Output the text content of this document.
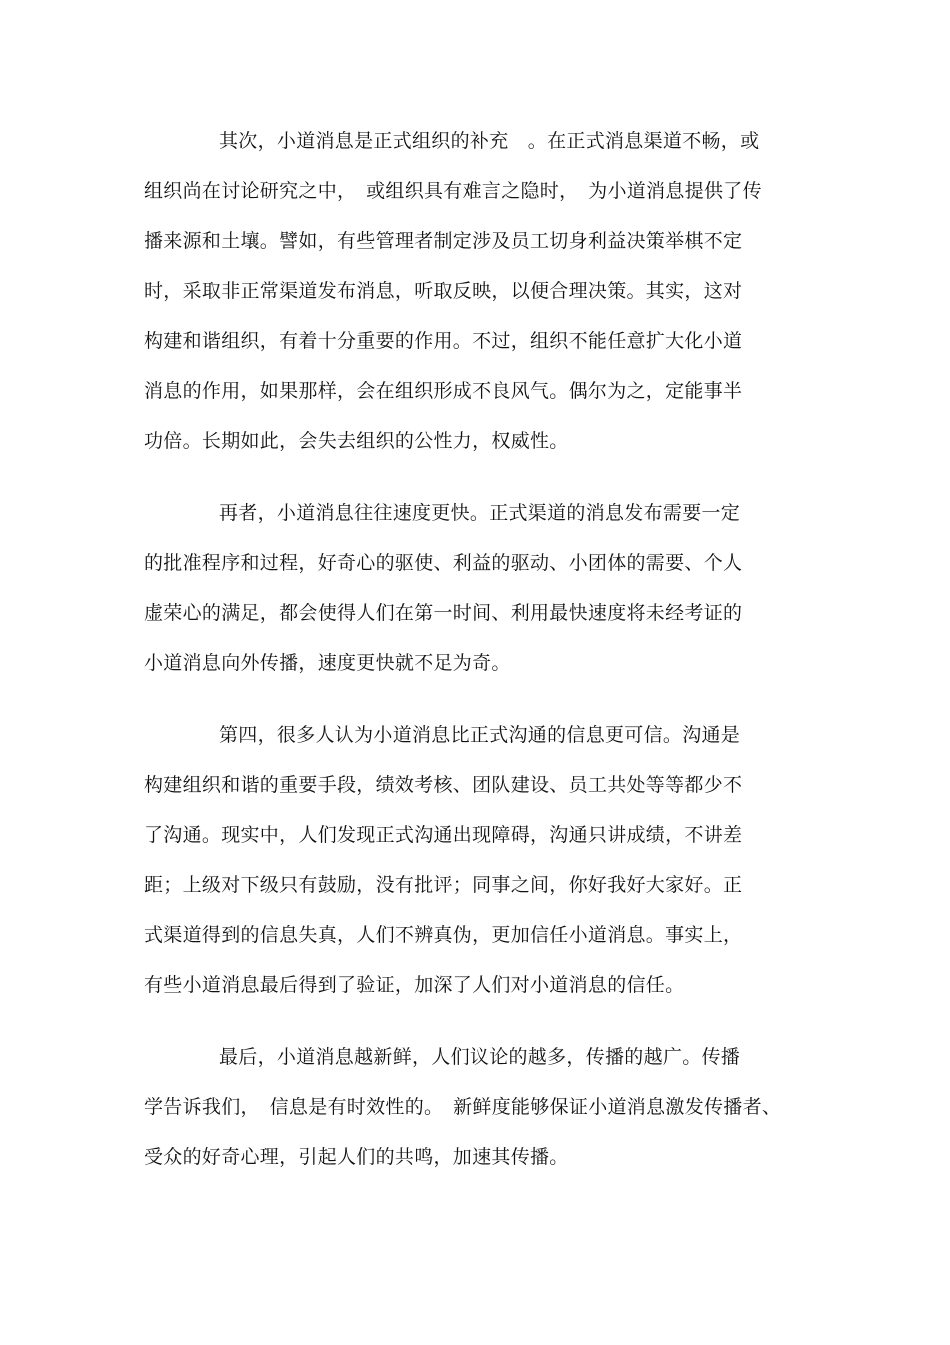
其次，小道消息是正式组织的补充　。在正式消息渠道不畅，或
组织尚在讨论研究之中，　或组织具有难言之隐时，　为小道消息提供了传
播来源和土壤。譬如，有些管理者制定涉及员工切身利益决策举棋不定
时，采取非正常渠道发布消息，听取反映，以便合理决策。其实，这对
构建和谐组织，有着十分重要的作用。不过，组织不能任意扩大化小道
消息的作用，如果那样，会在组织形成不良风气。偶尔为之，定能事半
功倍。长期如此，会失去组织的公性力，权威性。
再者，小道消息往往速度更快。正式渠道的消息发布需要一定
的批准程序和过程，好奇心的驱使、利益的驱动、小团体的需要、个人
虚荣心的满足，都会使得人们在第一时间、利用最快速度将未经考证的
小道消息向外传播，速度更快就不足为奇。
第四，很多人认为小道消息比正式沟通的信息更可信。沟通是
构建组织和谐的重要手段，绩效考核、团队建设、员工共处等等都少不
了沟通。现实中，人们发现正式沟通出现障碍，沟通只讲成绩，不讲差
距；上级对下级只有鼓励，没有批评；同事之间，你好我好大家好。正
式渠道得到的信息失真，人们不辨真伪，更加信任小道消息。事实上，
有些小道消息最后得到了验证，加深了人们对小道消息的信任。
最后，小道消息越新鲜，人们议论的越多，传播的越广。传播
学告诉我们，　信息是有时效性的。　新鲜度能够保证小道消息激发传播者、
受众的好奇心理，引起人们的共鸣，加速其传播。
